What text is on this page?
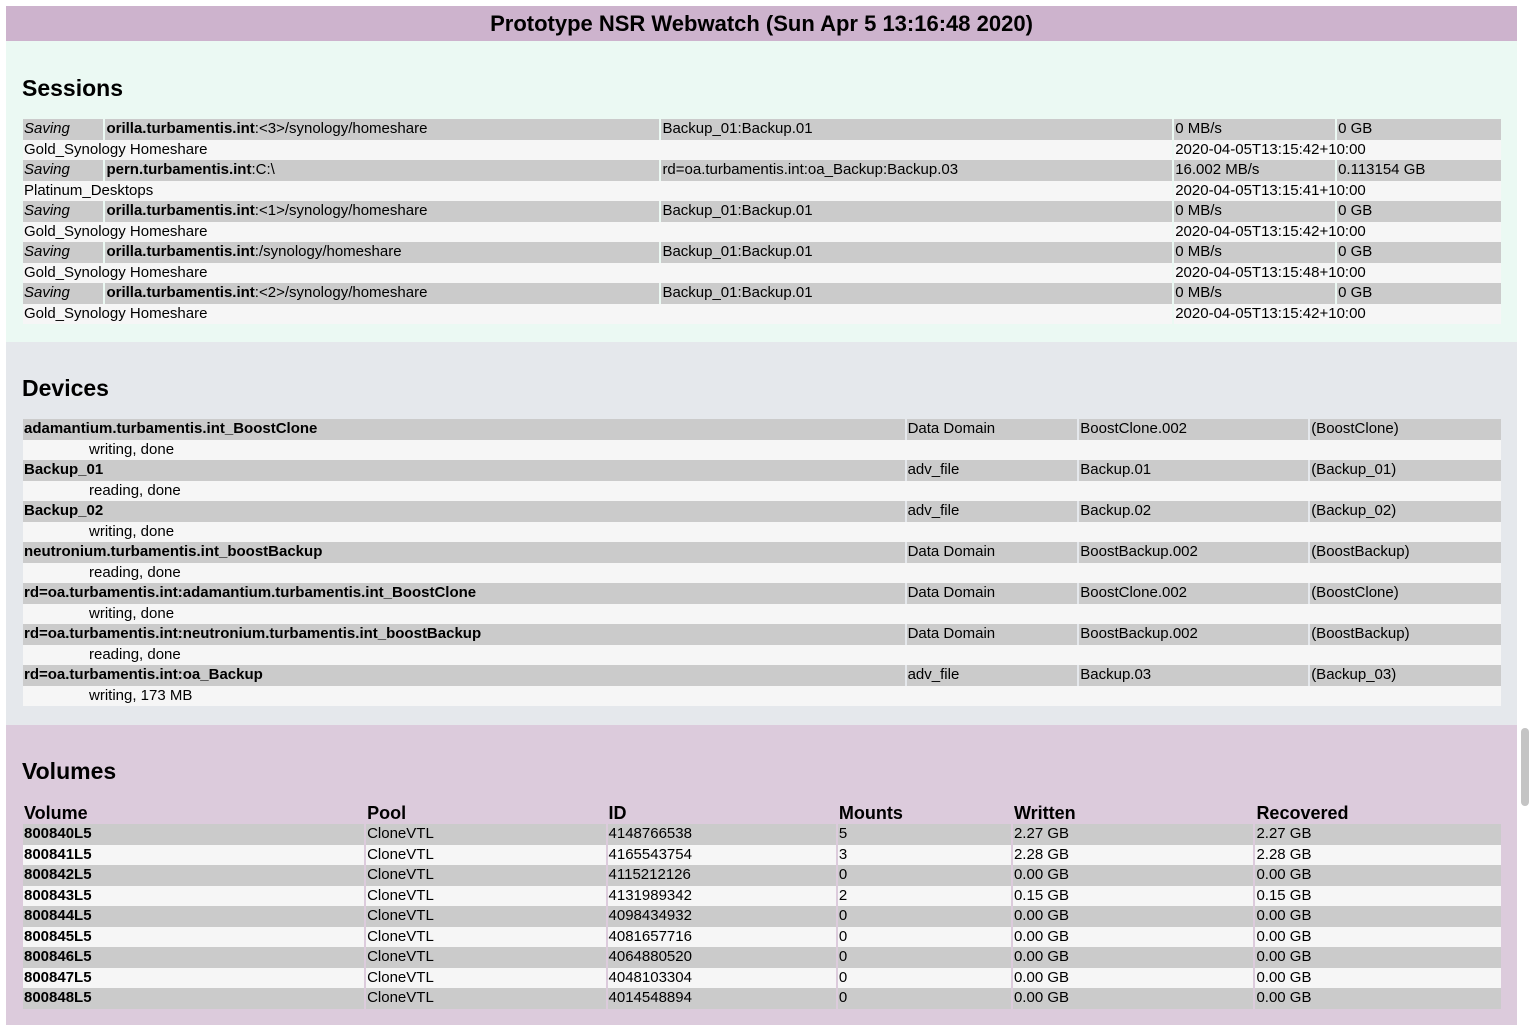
Prototype NSR Webwatch (Sun Apr 5 13:16:48 2020)
Sessions
Saving	orilla.turbamentis.int:<3>/synology/homeshare	Backup_01:Backup.01	0 MB/s	0 GB
Gold_Synology Homeshare			2020-04-05T13:15:42+10:00	
Saving	pern.turbamentis.int:C:\	rd=oa.turbamentis.int:oa_Backup:Backup.03	16.002 MB/s	0.113154 GB
Platinum_Desktops			2020-04-05T13:15:41+10:00	
Saving	orilla.turbamentis.int:<1>/synology/homeshare	Backup_01:Backup.01	0 MB/s	0 GB
Gold_Synology Homeshare			2020-04-05T13:15:42+10:00	
Saving	orilla.turbamentis.int:/synology/homeshare	Backup_01:Backup.01	0 MB/s	0 GB
Gold_Synology Homeshare			2020-04-05T13:15:48+10:00	
Saving	orilla.turbamentis.int:<2>/synology/homeshare	Backup_01:Backup.01	0 MB/s	0 GB
Gold_Synology Homeshare			2020-04-05T13:15:42+10:00	
Devices
adamantium.turbamentis.int_BoostClone	Data Domain	BoostClone.002	(BoostClone)
writing, done			
Backup_01	adv_file	Backup.01	(Backup_01)
reading, done			
Backup_02	adv_file	Backup.02	(Backup_02)
writing, done			
neutronium.turbamentis.int_boostBackup	Data Domain	BoostBackup.002	(BoostBackup)
reading, done			
rd=oa.turbamentis.int:adamantium.turbamentis.int_BoostClone	Data Domain	BoostClone.002	(BoostClone)
writing, done			
rd=oa.turbamentis.int:neutronium.turbamentis.int_boostBackup	Data Domain	BoostBackup.002	(BoostBackup)
reading, done			
rd=oa.turbamentis.int:oa_Backup	adv_file	Backup.03	(Backup_03)
writing, 173 MB			
Volumes
Volume	Pool	ID	Mounts	Written	Recovered
800840L5	CloneVTL	4148766538	5	2.27 GB	2.27 GB
800841L5	CloneVTL	4165543754	3	2.28 GB	2.28 GB
800842L5	CloneVTL	4115212126	0	0.00 GB	0.00 GB
800843L5	CloneVTL	4131989342	2	0.15 GB	0.15 GB
800844L5	CloneVTL	4098434932	0	0.00 GB	0.00 GB
800845L5	CloneVTL	4081657716	0	0.00 GB	0.00 GB
800846L5	CloneVTL	4064880520	0	0.00 GB	0.00 GB
800847L5	CloneVTL	4048103304	0	0.00 GB	0.00 GB
800848L5	CloneVTL	4014548894	0	0.00 GB	0.00 GB
